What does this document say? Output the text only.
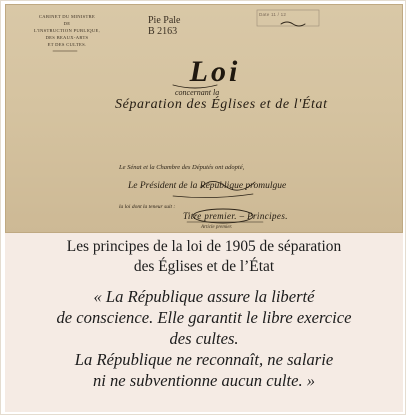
CABINET DU MINISTRE
DE
L'INSTRUCTION PUBLIQUE,
DES BEAUX-ARTS
ET DES CULTES.
Pie Pale
B 2163
Date 11 / 12
Loi
concernant la
Séparation des Églises et de l'État
Le Sénat et la Chambre des Députés ont adopté,
Le Président de la République promulgue
la loi dont la teneur suit :
Titre premier. – Principes.
Article premier.
Les principes de la loi de 1905 de séparation
des Églises et de l’État
« La République assure la liberté
de conscience. Elle garantit le libre exercice
des cultes.
La République ne reconnaît, ne salarie
ni ne subventionne aucun culte. »
